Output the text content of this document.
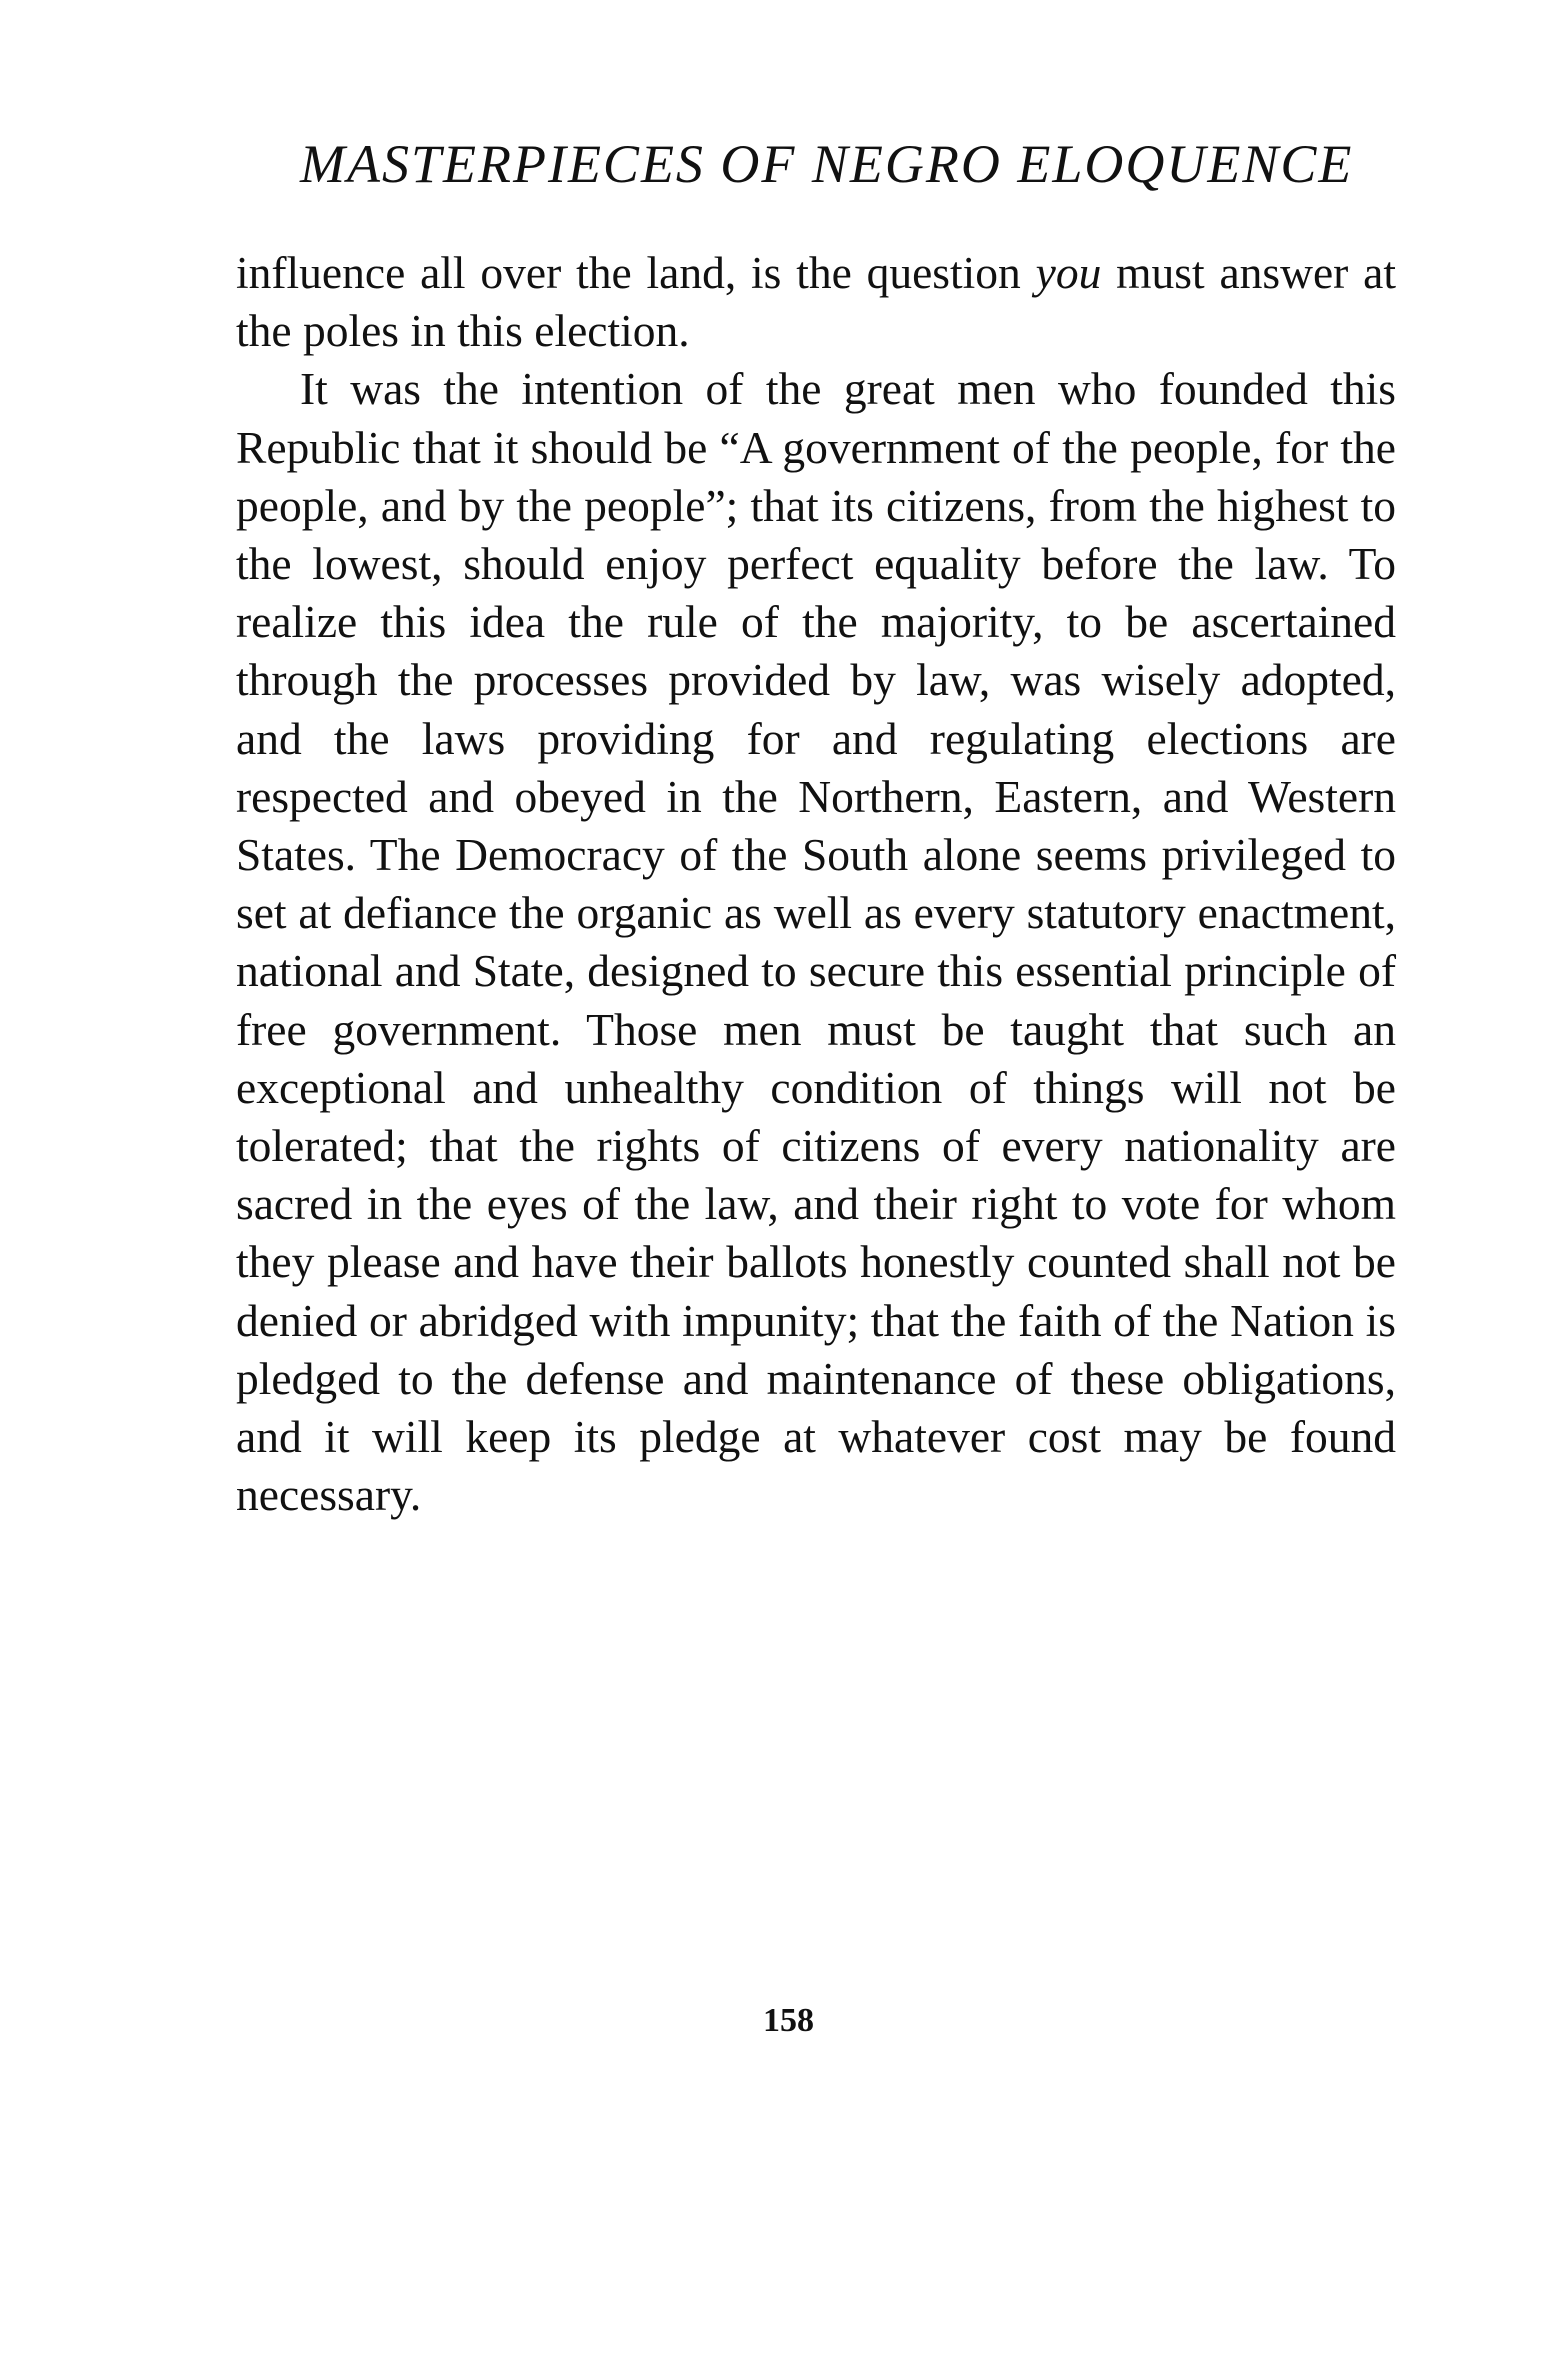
MASTERPIECES OF NEGRO ELOQUENCE

influence all over the land, is the question you must answer at the poles in this election.

It was the intention of the great men who founded this Republic that it should be “A government of the people, for the people, and by the people”; that its citizens, from the highest to the lowest, should enjoy perfect equality before the law. To realize this idea the rule of the majority, to be ascertained through the processes provided by law, was wisely adopted, and the laws providing for and regulating elections are respected and obeyed in the Northern, Eastern, and Western States. The Democracy of the South alone seems privileged to set at defiance the organic as well as every statutory enactment, national and State, designed to secure this essential principle of free government. Those men must be taught that such an exceptional and unhealthy condition of things will not be tolerated; that the rights of citizens of every nationality are sacred in the eyes of the law, and their right to vote for whom they please and have their ballots honestly counted shall not be denied or abridged with impunity; that the faith of the Nation is pledged to the defense and maintenance of these obligations, and it will keep its pledge at whatever cost may be found necessary.

158
